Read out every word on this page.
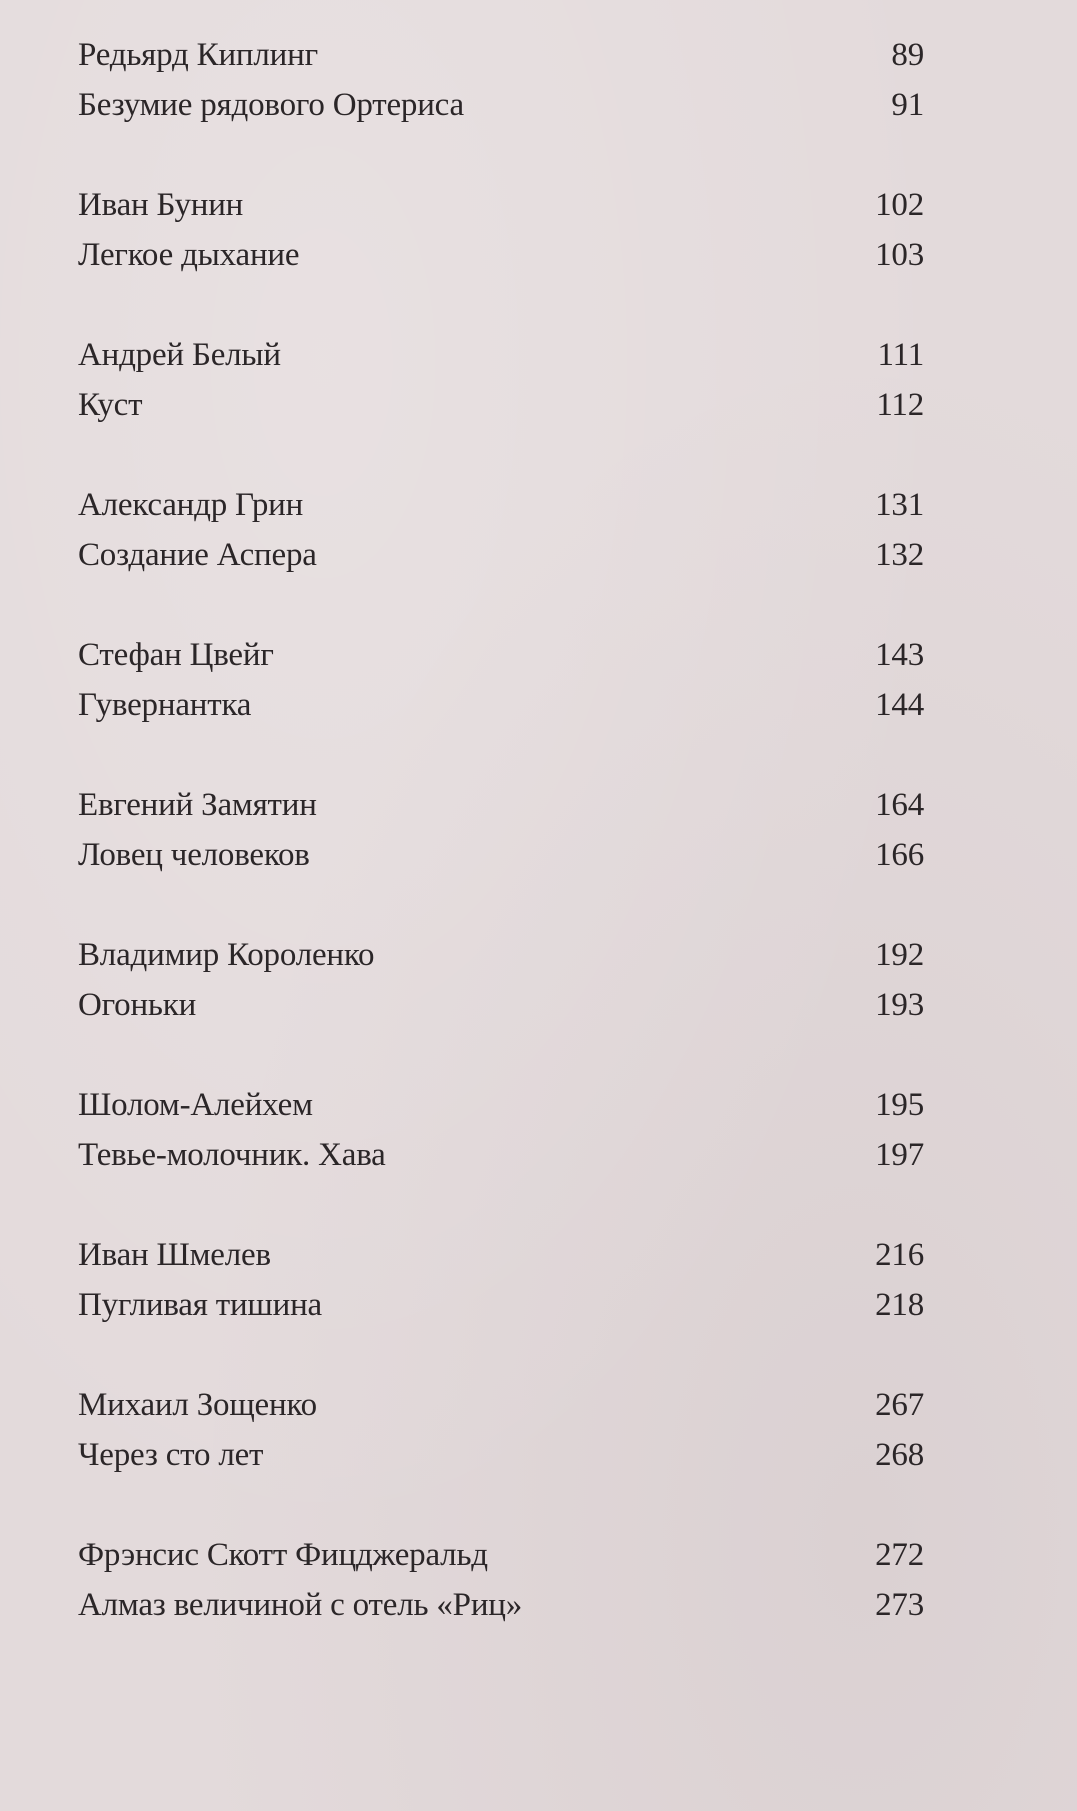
Редьярд Киплинг	89
Безумие рядового Ортериса	91
Иван Бунин	102
Легкое дыхание	103
Андрей Белый	111
Куст	112
Александр Грин	131
Создание Аспера	132
Стефан Цвейг	143
Гувернантка	144
Евгений Замятин	164
Ловец человеков	166
Владимир Короленко	192
Огоньки	193
Шолом-Алейхем	195
Тевье-молочник. Хава	197
Иван Шмелев	216
Пугливая тишина	218
Михаил Зощенко	267
Через сто лет	268
Фрэнсис Скотт Фицджеральд	272
Алмаз величиной с отель «Риц»	273
